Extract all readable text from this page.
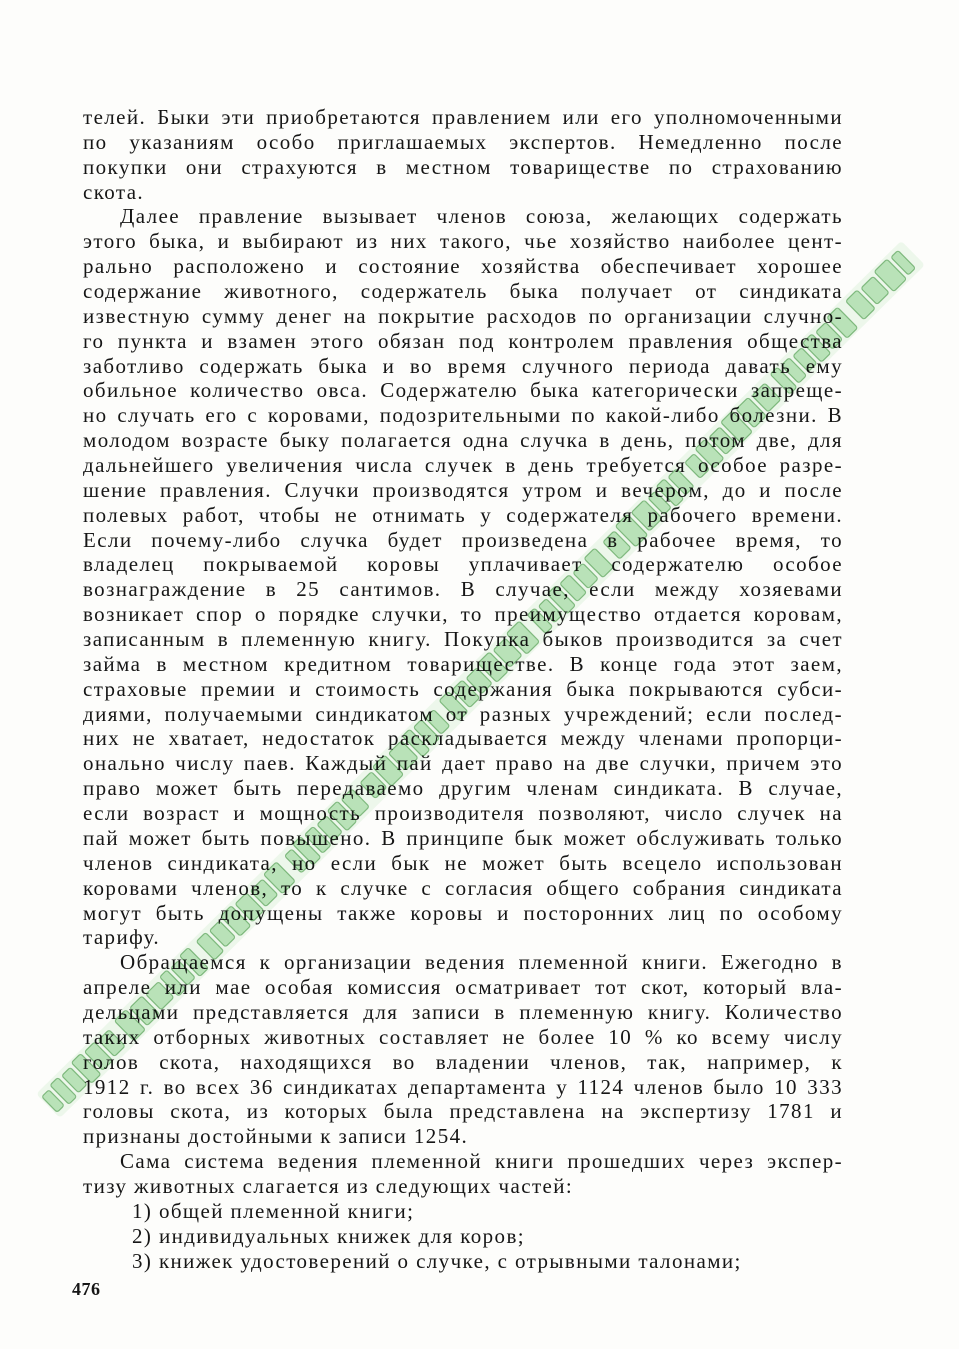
телей. Быки эти приобретаются правлением или его уполномоченными
по указаниям особо приглашаемых экспертов. Немедленно после
покупки они страхуются в местном товариществе по страхованию
скота.
Далее правление вызывает членов союза, желающих содержать
этого быка, и выбирают из них такого, чье хозяйство наиболее цент-
рально расположено и состояние хозяйства обеспечивает хорошее
содержание животного, содержатель быка получает от синдиката
известную сумму денег на покрытие расходов по организации случно-
го пункта и взамен этого обязан под контролем правления общества
заботливо содержать быка и во время случного периода давать ему
обильное количество овса. Содержателю быка категорически запреще-
но случать его с коровами, подозрительными по какой-либо болезни. В
молодом возрасте быку полагается одна случка в день, потом две, для
дальнейшего увеличения числа случек в день требуется особое разре-
шение правления. Случки производятся утром и вечером, до и после
полевых работ, чтобы не отнимать у содержателя рабочего времени.
Если почему-либо случка будет произведена в рабочее время, то
владелец покрываемой коровы уплачивает содержателю особое
вознаграждение в 25 сантимов. В случае, если между хозяевами
возникает спор о порядке случки, то преимущество отдается коровам,
записанным в племенную книгу. Покупка быков производится за счет
займа в местном кредитном товариществе. В конце года этот заем,
страховые премии и стоимость содержания быка покрываются субси-
диями, получаемыми синдикатом от разных учреждений; если послед-
них не хватает, недостаток раскладывается между членами пропорци-
онально числу паев. Каждый пай дает право на две случки, причем это
право может быть передаваемо другим членам синдиката. В случае,
если возраст и мощность производителя позволяют, число случек на
пай может быть повышено. В принципе бык может обслуживать только
членов синдиката, но если бык не может быть всецело использован
коровами членов, то к случке с согласия общего собрания синдиката
могут быть допущены также коровы и посторонних лиц по особому
тарифу.
Обращаемся к организации ведения племенной книги. Ежегодно в
апреле или мае особая комиссия осматривает тот скот, который вла-
дельцами представляется для записи в племенную книгу. Количество
таких отборных животных составляет не более 10 % ко всему числу
голов скота, находящихся во владении членов, так, например, к
1912 г. во всех 36 синдикатах департамента у 1124 членов было 10 333
головы скота, из которых была представлена на экспертизу 1781 и
признаны достойными к записи 1254.
Сама система ведения племенной книги прошедших через экспер-
тизу животных слагается из следующих частей:
1) общей племенной книги;
2) индивидуальных книжек для коров;
3) книжек удостоверений о случке, с отрывными талонами;
476
